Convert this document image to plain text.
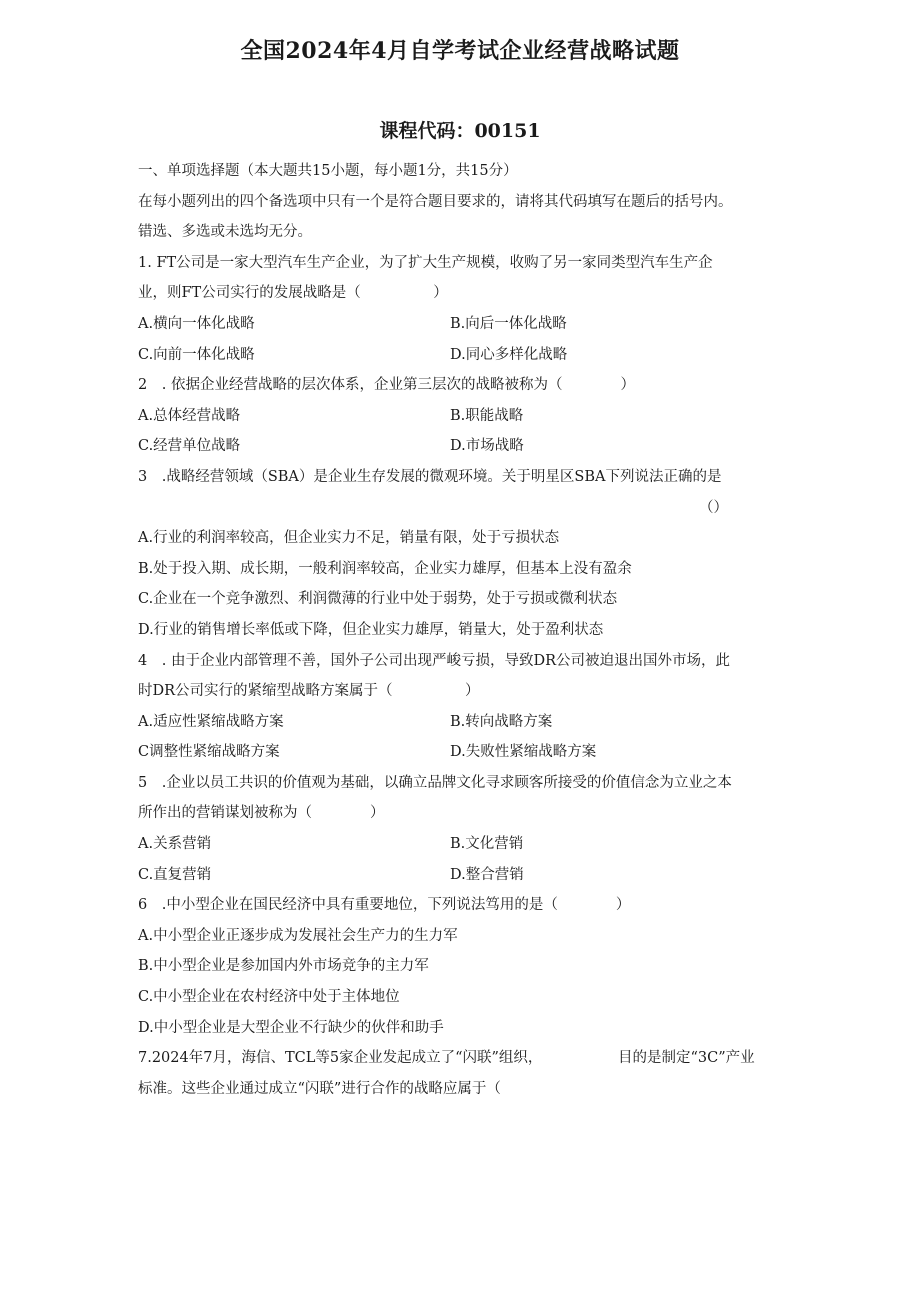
全国2024年4月自学考试企业经营战略试题
课程代码：00151
一、单项选择题（本大题共15小题，每小题1分，共15分）
在每小题列出的四个备选项中只有一个是符合题目要求的，请将其代码填写在题后的括号内。
错选、多选或未选均无分。
1. FT公司是一家大型汽车生产企业，为了扩大生产规模，收购了另一家同类型汽车生产企
业，则FT公司实行的发展战略是（　　　　　）
A.横向一体化战略	B.向后一体化战略
C.向前一体化战略	D.同心多样化战略
2　. 依据企业经营战略的层次体系，企业第三层次的战略被称为（　　　　）
A.总体经营战略	B.职能战略
C.经营单位战略	D.市场战略
3　.战略经营领域（SBA）是企业生存发展的微观环境。关于明星区SBA下列说法正确的是
（）
A.行业的利润率较高，但企业实力不足，销量有限，处于亏损状态
B.处于投入期、成长期，一般利润率较高，企业实力雄厚，但基本上没有盈余
C.企业在一个竞争激烈、利润微薄的行业中处于弱势，处于亏损或微利状态
D.行业的销售增长率低或下降，但企业实力雄厚，销量大，处于盈利状态
4　. 由于企业内部管理不善，国外子公司出现严峻亏损，导致DR公司被迫退出国外市场，此
时DR公司实行的紧缩型战略方案属于（　　　　　）
A.适应性紧缩战略方案	B.转向战略方案
C调整性紧缩战略方案	D.失败性紧缩战略方案
5　.企业以员工共识的价值观为基础，以确立品牌文化寻求顾客所接受的价值信念为立业之本
所作出的营销谋划被称为（　　　　）
A.关系营销	B.文化营销
C.直复营销	D.整合营销
6　.中小型企业在国民经济中具有重要地位，下列说法笃用的是（　　　　）
A.中小型企业正逐步成为发展社会生产力的生力军
B.中小型企业是参加国内外市场竞争的主力军
C.中小型企业在农村经济中处于主体地位
D.中小型企业是大型企业不行缺少的伙伴和助手
7.2024年7月，海信、TCL等5家企业发起成立了“闪联”组织，	目的是制定“3C”产业
标准。这些企业通过成立“闪联”进行合作的战略应属于（
